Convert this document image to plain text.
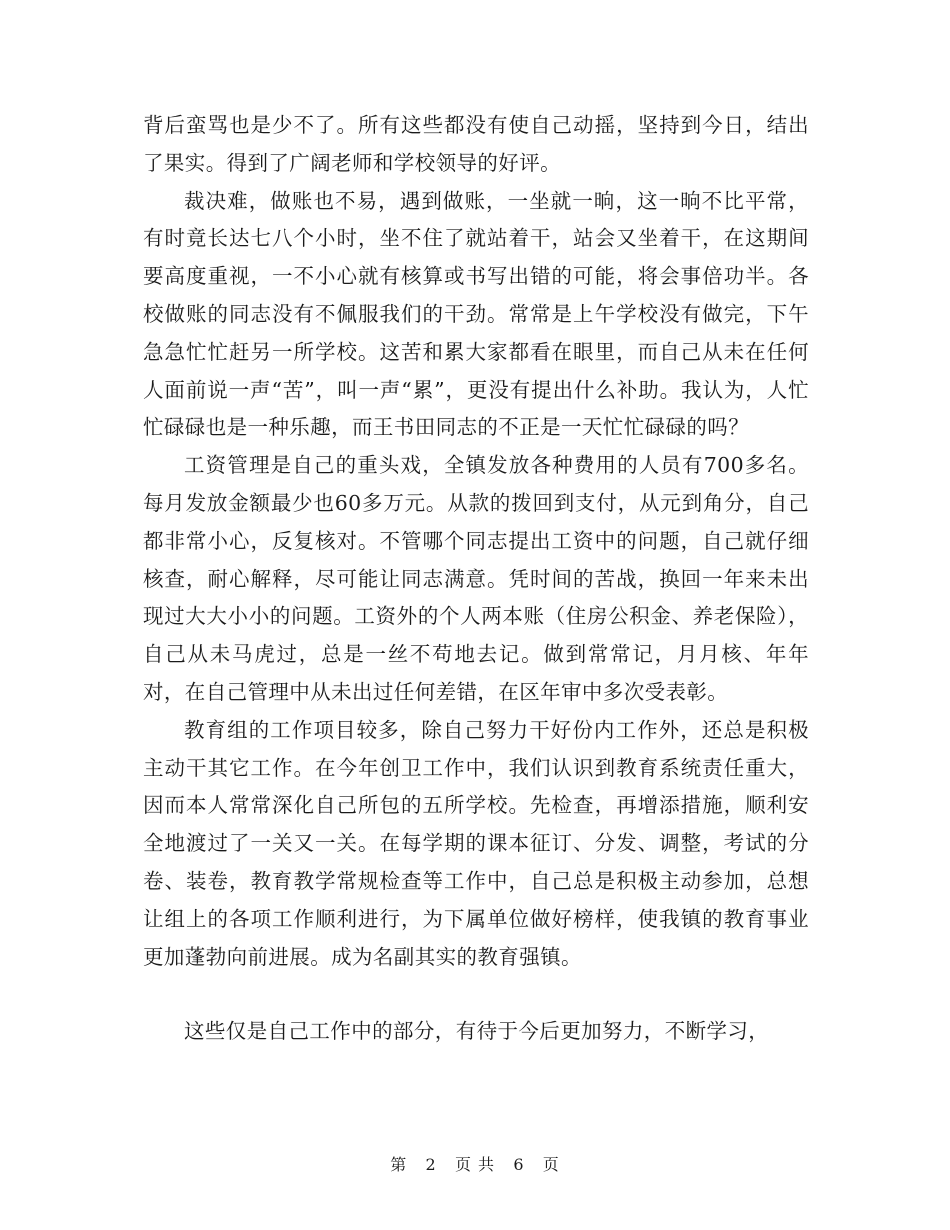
背后蛮骂也是少不了。所有这些都没有使自己动摇，坚持到今日，结出了果实。得到了广阔老师和学校领导的好评。

裁决难，做账也不易，遇到做账，一坐就一晌，这一晌不比平常，有时竟长达七八个小时，坐不住了就站着干，站会又坐着干，在这期间要高度重视，一不小心就有核算或书写出错的可能，将会事倍功半。各校做账的同志没有不佩服我们的干劲。常常是上午学校没有做完，下午急急忙忙赶另一所学校。这苦和累大家都看在眼里，而自己从未在任何人面前说一声“苦”，叫一声“累”，更没有提出什么补助。我认为，人忙忙碌碌也是一种乐趣，而王书田同志的不正是一天忙忙碌碌的吗？

工资管理是自己的重头戏，全镇发放各种费用的人员有700多名。每月发放金额最少也60多万元。从款的拨回到支付，从元到角分，自己都非常小心，反复核对。不管哪个同志提出工资中的问题，自己就仔细核查，耐心解释，尽可能让同志满意。凭时间的苦战，换回一年来未出现过大大小小的问题。工资外的个人两本账（住房公积金、养老保险），自己从未马虎过，总是一丝不苟地去记。做到常常记，月月核、年年对，在自己管理中从未出过任何差错，在区年审中多次受表彰。

教育组的工作项目较多，除自己努力干好份内工作外，还总是积极主动干其它工作。在今年创卫工作中，我们认识到教育系统责任重大，因而本人常常深化自己所包的五所学校。先检查，再增添措施，顺利安全地渡过了一关又一关。在每学期的课本征订、分发、调整，考试的分卷、装卷，教育教学常规检查等工作中，自己总是积极主动参加，总想让组上的各项工作顺利进行，为下属单位做好榜样，使我镇的教育事业更加蓬勃向前进展。成为名副其实的教育强镇。

这些仅是自己工作中的部分，有待于今后更加努力，不断学习，

第 2 页 共 6 页
